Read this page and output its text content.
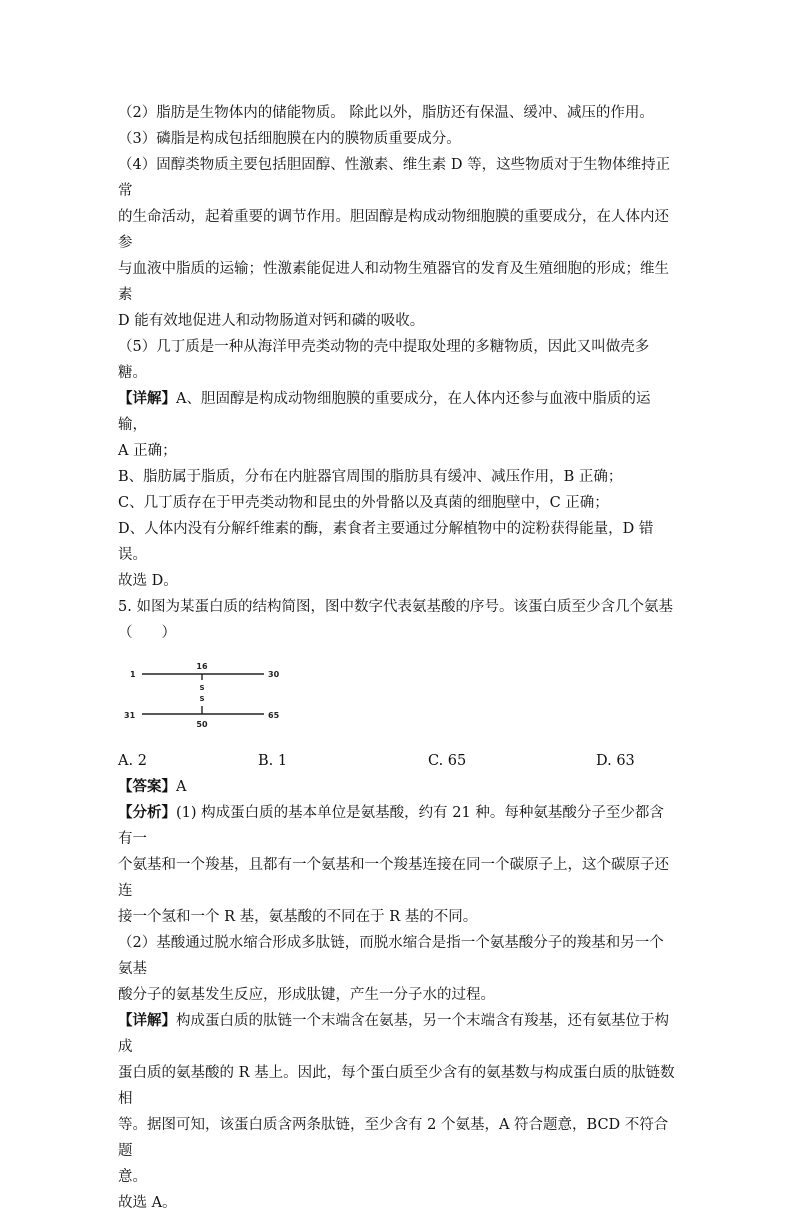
（2）脂肪是生物体内的储能物质。 除此以外，脂肪还有保温、缓冲、减压的作用。

（3）磷脂是构成包括细胞膜在内的膜物质重要成分。

（4）固醇类物质主要包括胆固醇、性激素、维生素 D 等，这些物质对于生物体维持正常

的生命活动，起着重要的调节作用。胆固醇是构成动物细胞膜的重要成分，在人体内还参

与血液中脂质的运输；性激素能促进人和动物生殖器官的发育及生殖细胞的形成；维生素

D 能有效地促进人和动物肠道对钙和磷的吸收。

（5）几丁质是一种从海洋甲壳类动物的壳中提取处理的多糖物质，因此又叫做壳多糖。

【详解】A、胆固醇是构成动物细胞膜的重要成分，在人体内还参与血液中脂质的运输，

A 正确；

B、脂肪属于脂质，分布在内脏器官周围的脂肪具有缓冲、减压作用，B 正确；

C、几丁质存在于甲壳类动物和昆虫的外骨骼以及真菌的细胞壁中，C 正确；

D、人体内没有分解纤维素的酶，素食者主要通过分解植物中的淀粉获得能量，D 错误。

故选 D。

5. 如图为某蛋白质的结构简图，图中数字代表氨基酸的序号。该蛋白质至少含几个氨基

（　　）

S
S
1
16
30
31
50
65
A. 2	B. 1	C. 65	D. 63

【答案】A

【分析】(1) 构成蛋白质的基本单位是氨基酸，约有 21 种。每种氨基酸分子至少都含有一

个氨基和一个羧基，且都有一个氨基和一个羧基连接在同一个碳原子上，这个碳原子还连

接一个氢和一个 R 基，氨基酸的不同在于 R 基的不同。

（2）基酸通过脱水缩合形成多肽链，而脱水缩合是指一个氨基酸分子的羧基和另一个氨基

酸分子的氨基发生反应，形成肽键，产生一分子水的过程。

【详解】构成蛋白质的肽链一个末端含在氨基，另一个末端含有羧基，还有氨基位于构成

蛋白质的氨基酸的 R 基上。因此，每个蛋白质至少含有的氨基数与构成蛋白质的肽链数相

等。据图可知，该蛋白质含两条肽链，至少含有 2 个氨基，A 符合题意，BCD 不符合题

意。

故选 A。
